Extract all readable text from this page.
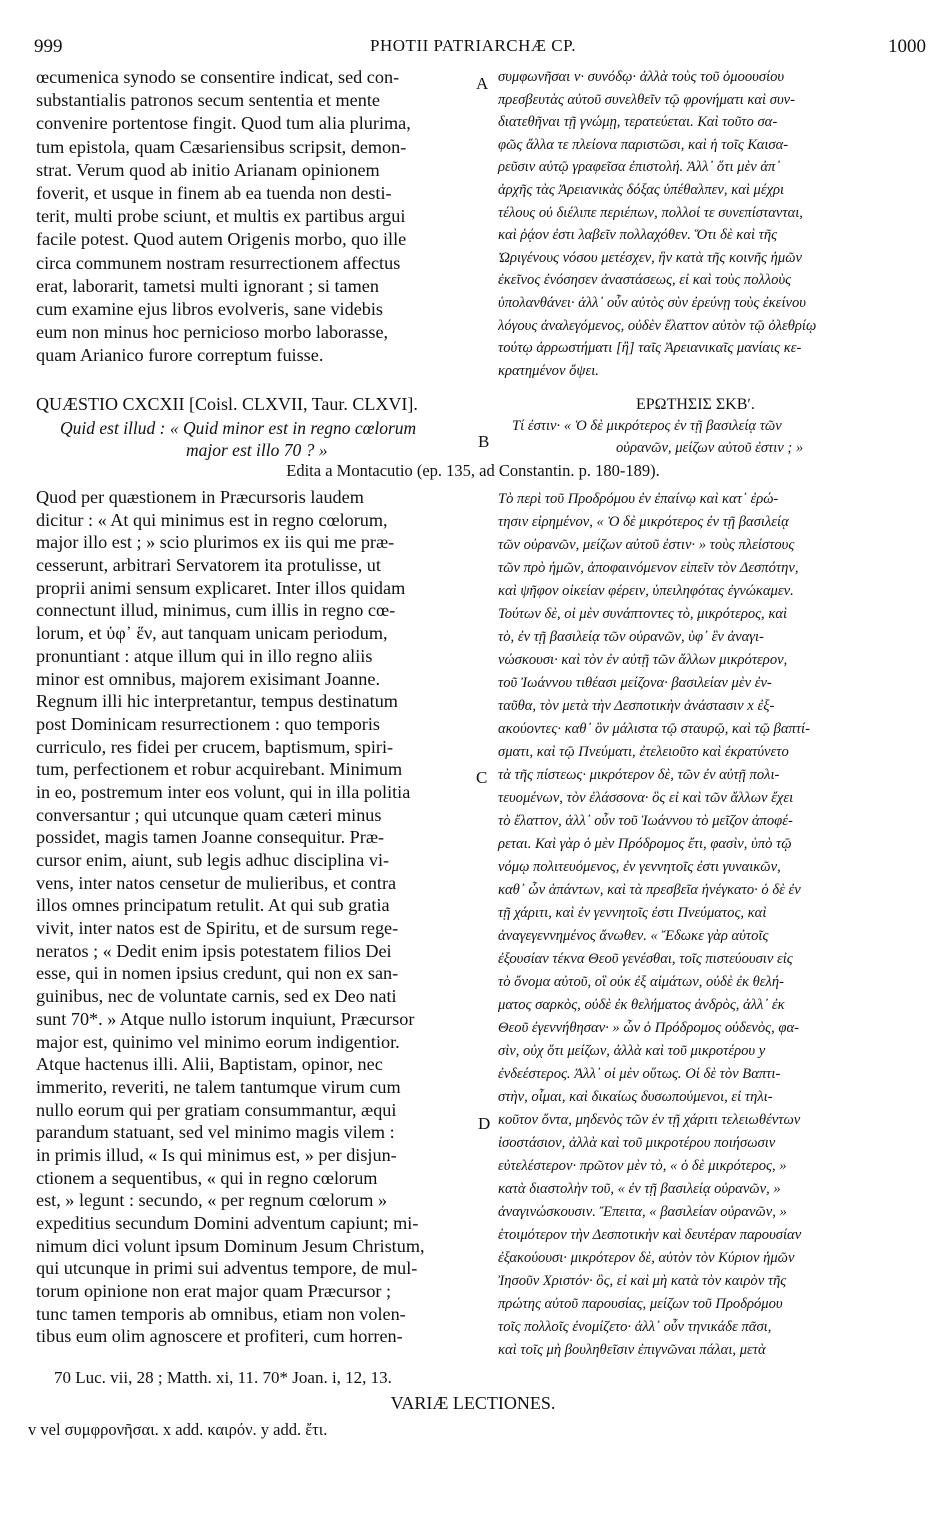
999	PHOTII PATRIARCHÆ CP.	1000
A
B
C
D
œcumenica synodo se consentire indicat, sed con-
substantialis patronos secum sententia et mente
convenire portentose fingit. Quod tum alia plurima,
tum epistola, quam Cæsariensibus scripsit, demon-
strat. Verum quod ab initio Arianam opinionem
foverit, et usque in finem ab ea tuenda non desti-
terit, multi probe sciunt, et multis ex partibus argui
facile potest. Quod autem Origenis morbo, quo ille
circa communem nostram resurrectionem affectus
erat, laborarit, tametsi multi ignorant ; si tamen
cum examine ejus libros evolveris, sane videbis
eum non minus hoc pernicioso morbo laborasse,
quam Arianico furore correptum fuisse.
συμφωνῆσαι v· συνόδῳ· ἀλλὰ τοὺς τοῦ ὁμοουσίου
πρεσβευτὰς αὐτοῦ συνελθεῖν τῷ φρονήματι καὶ συν-
διατεθῆναι τῇ γνώμῃ, τερατεύεται. Καὶ τοῦτο σα-
φῶς ἄλλα τε πλείονα παριστῶσι, καὶ ἡ τοῖς Καισα-
ρεῦσιν αὐτῷ γραφεῖσα ἐπιστολή. Ἀλλ᾽ ὅτι μὲν ἀπ᾽
ἀρχῆς τὰς Ἀρειανικὰς δόξας ὑπέθαλπεν, καὶ μέχρι
τέλους οὐ διέλιπε περιέπων, πολλοί τε συνεπίστανται,
καὶ ῥᾴον ἐστι λαβεῖν πολλαχόθεν. Ὅτι δὲ καὶ τῆς
Ὠριγένους νόσου μετέσχεν, ἣν κατὰ τῆς κοινῆς ἡμῶν
ἐκεῖνος ἐνόσησεν ἀναστάσεως, εἰ καὶ τοὺς πολλοὺς
ὑπολανθάνει· ἀλλ᾽ οὖν αὐτὸς σὺν ἐρεύνῃ τοὺς ἐκείνου
λόγους ἀναλεγόμενος, οὐδὲν ἔλαττον αὐτὸν τῷ ὀλεθρίῳ
τούτῳ ἀρρωστήματι [ἢ] ταῖς Ἀρειανικαῖς μανίαις κε-
κρατημένον ὄψει.
QUÆSTIO CXCXII [Coisl. CLXVII, Taur. CLXVI].
Quid est illud : « Quid minor est in regno cœlorum
major est illo 70 ? »
ΕΡΩΤΗΣΙΣ ΣΚΒʹ.
Τί ἐστιν· « Ὁ δὲ μικρότερος ἐν τῇ βασιλείᾳ τῶν
οὐρανῶν, μείζων αὐτοῦ ἐστιν ; »
Edita a Montacutio (ep. 135, ad Constantin. p. 180-189).
Quod per quæstionem in Præcursoris laudem
dicitur : « At qui minimus est in regno cœlorum,
major illo est ; » scio plurimos ex iis qui me præ-
cesserunt, arbitrari Servatorem ita protulisse, ut
proprii animi sensum explicaret. Inter illos quidam
connectunt illud, minimus, cum illis in regno cœ-
lorum, et ὑφ᾽ ἕν, aut tanquam unicam periodum,
pronuntiant : atque illum qui in illo regno aliis
minor est omnibus, majorem exisimant Joanne.
Regnum illi hic interpretantur, tempus destinatum
post Dominicam resurrectionem : quo temporis
curriculo, res fidei per crucem, baptismum, spiri-
tum, perfectionem et robur acquirebant. Minimum
in eo, postremum inter eos volunt, qui in illa politia
conversantur ; qui utcunque quam cæteri minus
possidet, magis tamen Joanne consequitur. Præ-
cursor enim, aiunt, sub legis adhuc disciplina vi-
vens, inter natos censetur de mulieribus, et contra
illos omnes principatum retulit. At qui sub gratia
vivit, inter natos est de Spiritu, et de sursum rege-
neratos ; « Dedit enim ipsis potestatem filios Dei
esse, qui in nomen ipsius credunt, qui non ex san-
guinibus, nec de voluntate carnis, sed ex Deo nati
sunt 70*. » Atque nullo istorum inquiunt, Præcursor
major est, quinimo vel minimo eorum indigentior.
Atque hactenus illi. Alii, Baptistam, opinor, nec
immerito, reveriti, ne talem tantumque virum cum
nullo eorum qui per gratiam consummantur, æqui
parandum statuant, sed vel minimo magis vilem :
in primis illud, « Is qui minimus est, » per disjun-
ctionem a sequentibus, « qui in regno cœlorum
est, » legunt : secundo, « per regnum cœlorum »
expeditius secundum Domini adventum capiunt; mi-
nimum dici volunt ipsum Dominum Jesum Christum,
qui utcunque in primi sui adventus tempore, de mul-
torum opinione non erat major quam Præcursor ;
tunc tamen temporis ab omnibus, etiam non volen-
tibus eum olim agnoscere et profiteri, cum horren-
Τὸ περὶ τοῦ Προδρόμου ἐν ἐπαίνῳ καὶ κατ᾽ ἐρώ-
τησιν εἰρημένον, « Ὁ δὲ μικρότερος ἐν τῇ βασιλείᾳ
τῶν οὐρανῶν, μείζων αὐτοῦ ἐστιν· » τοὺς πλείστους
τῶν πρὸ ἡμῶν, ἀποφαινόμενον εἰπεῖν τὸν Δεσπότην,
καὶ ψῆφον οἰκείαν φέρειν, ὑπειληφότας ἐγνώκαμεν.
Τούτων δὲ, οἱ μὲν συνάπτοντες τὸ, μικρότερος, καὶ
τὸ, ἐν τῇ βασιλείᾳ τῶν οὐρανῶν, ὑφ᾽ ἓν ἀναγι-
νώσκουσι· καὶ τὸν ἐν αὐτῇ τῶν ἄλλων μικρότερον,
τοῦ Ἰωάννου τιθέασι μείζονα· βασιλείαν μὲν ἐν-
ταῦθα, τὸν μετὰ τὴν Δεσποτικὴν ἀνάστασιν x ἐξ-
ακούοντες· καθ᾽ ὃν μάλιστα τῷ σταυρῷ, καὶ τῷ βαπτί-
σματι, καὶ τῷ Πνεύματι, ἐτελειοῦτο καὶ ἐκρατύνετο
τὰ τῆς πίστεως· μικρότερον δὲ, τῶν ἐν αὐτῇ πολι-
τευομένων, τὸν ἐλάσσονα· ὃς εἰ καὶ τῶν ἄλλων ἔχει
τὸ ἔλαττον, ἀλλ᾽ οὖν τοῦ Ἰωάννου τὸ μεῖζον ἀποφέ-
ρεται. Καὶ γὰρ ὁ μὲν Πρόδρομος ἔτι, φασὶν, ὑπὸ τῷ
νόμῳ πολιτευόμενος, ἐν γεννητοῖς ἐστι γυναικῶν,
καθ᾽ ὧν ἁπάντων, καὶ τὰ πρεσβεῖα ἠνέγκατο· ὁ δὲ ἐν
τῇ χάριτι, καὶ ἐν γεννητοῖς ἐστι Πνεύματος, καὶ
ἀναγεγεννημένος ἄνωθεν. « Ἔδωκε γὰρ αὐτοῖς
ἐξουσίαν τέκνα Θεοῦ γενέσθαι, τοῖς πιστεύουσιν εἰς
τὸ ὄνομα αὐτοῦ, οἳ οὐκ ἐξ αἱμάτων, οὐδὲ ἐκ θελή-
ματος σαρκὸς, οὐδὲ ἐκ θελήματος ἀνδρὸς, ἀλλ᾽ ἐκ
Θεοῦ ἐγεννήθησαν· » ὧν ὁ Πρόδρομος οὐδενὸς, φα-
σὶν, οὐχ ὅτι μείζων, ἀλλὰ καὶ τοῦ μικροτέρου y
ἐνδεέστερος. Ἀλλ᾽ οἱ μὲν οὕτως. Οἱ δὲ τὸν Βαπτι-
στὴν, οἶμαι, καὶ δικαίως δυσωπούμενοι, εἰ τηλι-
κοῦτον ὄντα, μηδενὸς τῶν ἐν τῇ χάριτι τελειωθέντων
ἰσοστάσιον, ἀλλὰ καὶ τοῦ μικροτέρου ποιήσωσιν
εὐτελέστερον· πρῶτον μὲν τὸ, « ὁ δὲ μικρότερος, »
κατὰ διαστολὴν τοῦ, « ἐν τῇ βασιλείᾳ οὐρανῶν, »
ἀναγινώσκουσιν. Ἔπειτα, « βασιλείαν οὐρανῶν, »
ἑτοιμότερον τὴν Δεσποτικὴν καὶ δευτέραν παρουσίαν
ἐξακούουσι· μικρότερον δὲ, αὐτὸν τὸν Κύριον ἡμῶν
Ἰησοῦν Χριστόν· ὃς, εἰ καὶ μὴ κατὰ τὸν καιρὸν τῆς
πρώτης αὐτοῦ παρουσίας, μείζων τοῦ Προδρόμου
τοῖς πολλοῖς ἐνομίζετο· ἀλλ᾽ οὖν τηνικάδε πᾶσι,
καὶ τοῖς μὴ βουληθεῖσιν ἐπιγνῶναι πάλαι, μετὰ
70 Luc. vii, 28 ; Matth. xi, 11. 70* Joan. i, 12, 13.
VARIÆ LECTIONES.
v vel συμφρονῆσαι. x add. καιρόν. y add. ἔτι.
